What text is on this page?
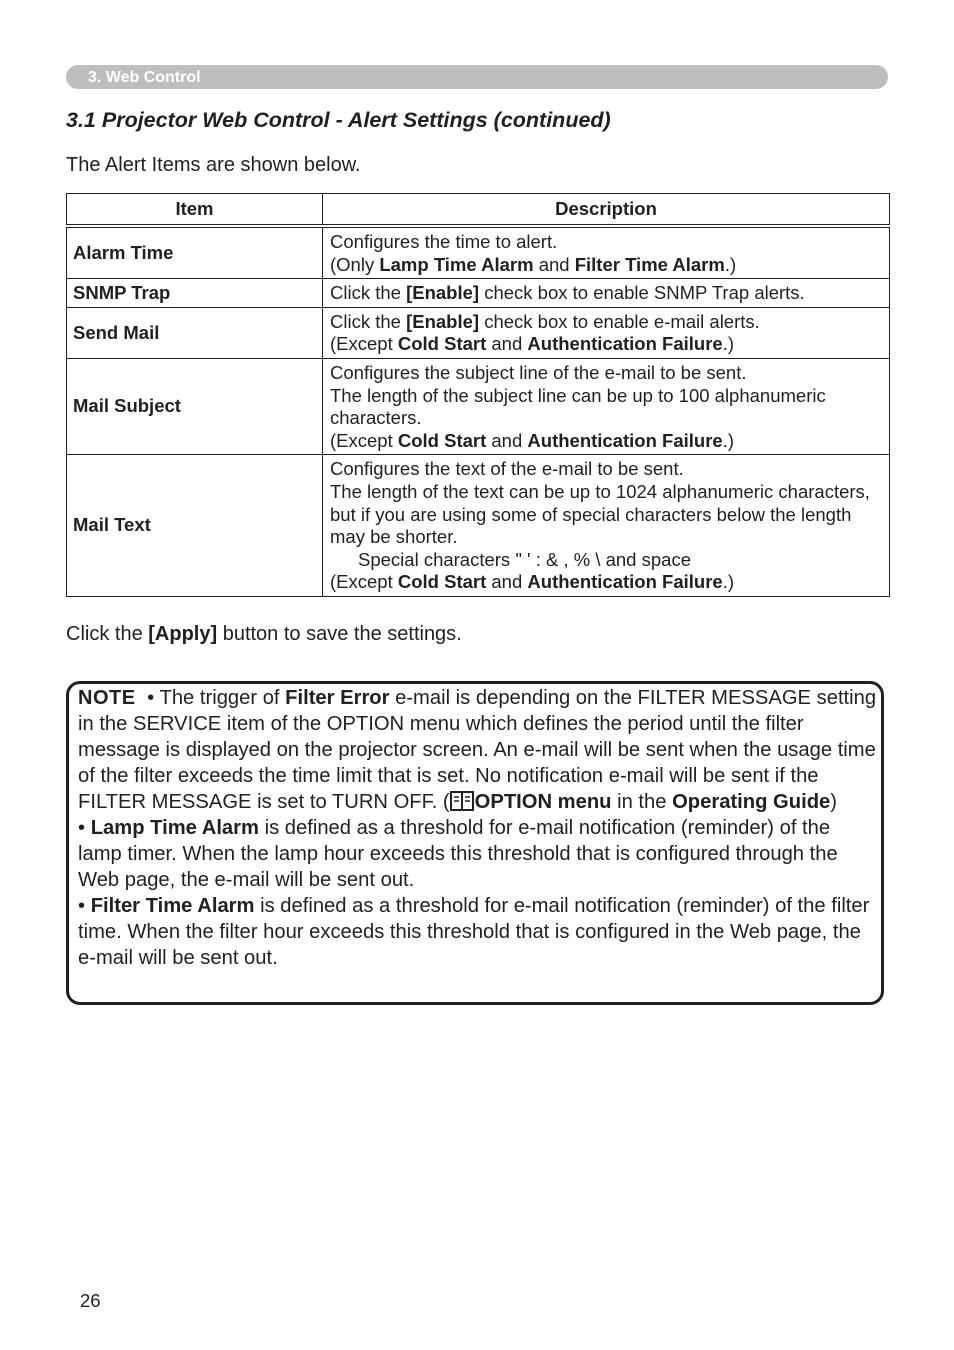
3. Web Control
3.1 Projector Web Control - Alert Settings (continued)

The Alert Items are shown below.

Item	Description
Alarm Time	Configures the time to alert.
(Only Lamp Time Alarm and Filter Time Alarm.)

SNMP Trap	Click the [Enable] check box to enable SNMP Trap alerts.

Send Mail	Click the [Enable] check box to enable e-mail alerts.
(Except Cold Start and Authentication Failure.)

Mail Subject	Configures the subject line of the e-mail to be sent.
The length of the subject line can be up to 100 alphanumeric characters.
(Except Cold Start and Authentication Failure.)

Mail Text	Configures the text of the e-mail to be sent.
The length of the text can be up to 1024 alphanumeric characters, but if you are using some of special characters below the length may be shorter.
Special characters " ' : & , % \ and space
(Except Cold Start and Authentication Failure.)

Click the [Apply] button to save the settings.

NOTE • The trigger of Filter Error e-mail is depending on the FILTER MESSAGE setting in the SERVICE item of the OPTION menu which defines the period until the filter message is displayed on the projector screen. An e-mail will be sent when the usage time of the filter exceeds the time limit that is set. No notification e-mail will be sent if the FILTER MESSAGE is set to TURN OFF. ( OPTION menu in the Operating Guide)
• Lamp Time Alarm is defined as a threshold for e-mail notification (reminder) of the lamp timer. When the lamp hour exceeds this threshold that is configured through the Web page, the e-mail will be sent out.
• Filter Time Alarm is defined as a threshold for e-mail notification (reminder) of the filter time. When the filter hour exceeds this threshold that is configured in the Web page, the e-mail will be sent out.

26
